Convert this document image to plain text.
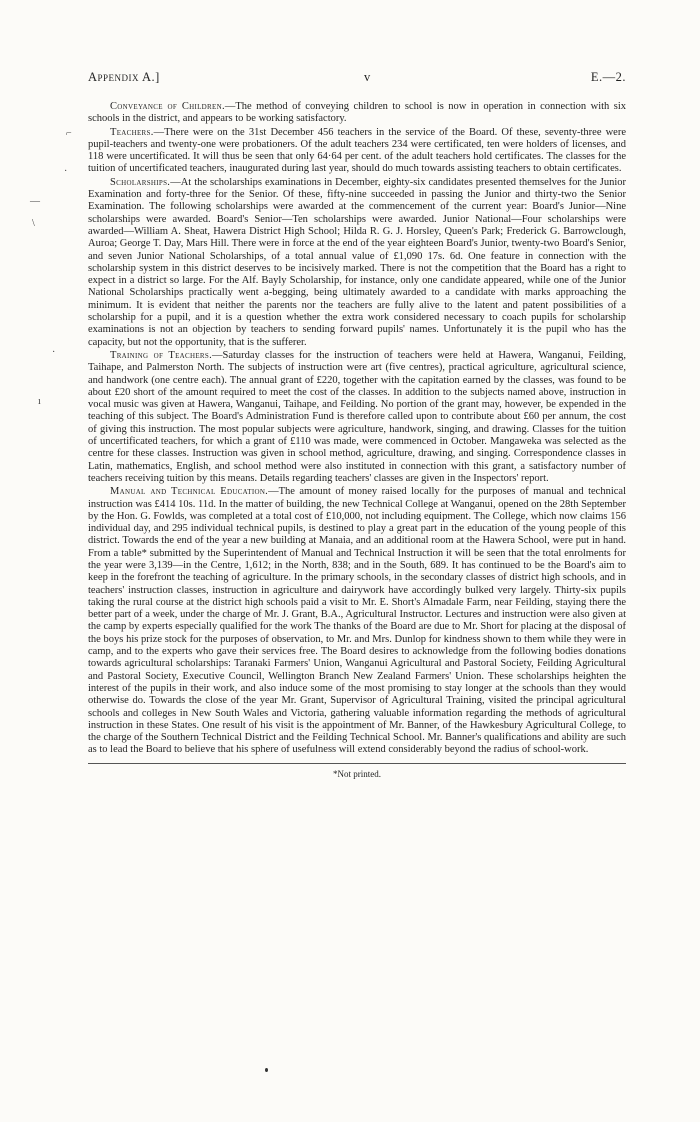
Appendix A.]	v	E.—2.

Conveyance of Children.—The method of conveying children to school is now in operation in connection with six schools in the district, and appears to be working satisfactory.

Teachers.—There were on the 31st December 456 teachers in the service of the Board. Of these, seventy-three were pupil-teachers and twenty-one were probationers. Of the adult teachers 234 were certificated, ten were holders of licenses, and 118 were uncertificated. It will thus be seen that only 64·64 per cent. of the adult teachers hold certificates. The classes for the tuition of uncertificated teachers, inaugurated during last year, should do much towards assisting teachers to obtain certificates.

Scholarships.—At the scholarships examinations in December, eighty-six candidates presented themselves for the Junior Examination and forty-three for the Senior. Of these, fifty-nine succeeded in passing the Junior and thirty-two the Senior Examination. The following scholarships were awarded at the commencement of the current year: Board's Junior—Nine scholarships were awarded. Board's Senior—Ten scholarships were awarded. Junior National—Four scholarships were awarded—William A. Sheat, Hawera District High School; Hilda R. G. J. Horsley, Queen's Park; Frederick G. Barrowclough, Auroa; George T. Day, Mars Hill. There were in force at the end of the year eighteen Board's Junior, twenty-two Board's Senior, and seven Junior National Scholarships, of a total annual value of £1,090 17s. 6d. One feature in connection with the scholarship system in this district deserves to be incisively marked. There is not the competition that the Board has a right to expect in a district so large. For the Alf. Bayly Scholarship, for instance, only one candidate appeared, while one of the Junior National Scholarships practically went a-begging, being ultimately awarded to a candidate with marks approaching the minimum. It is evident that neither the parents nor the teachers are fully alive to the latent and patent possibilities of a scholarship for a pupil, and it is a question whether the extra work considered necessary to coach pupils for scholarship examinations is not an objection by teachers to sending forward pupils' names. Unfortunately it is the pupil who has the capacity, but not the opportunity, that is the sufferer.

Training of Teachers.—Saturday classes for the instruction of teachers were held at Hawera, Wanganui, Feilding, Taihape, and Palmerston North. The subjects of instruction were art (five centres), practical agriculture, agricultural science, and handwork (one centre each). The annual grant of £220, together with the capitation earned by the classes, was found to be about £20 short of the amount required to meet the cost of the classes. In addition to the subjects named above, instruction in vocal music was given at Hawera, Wanganui, Taihape, and Feilding. No portion of the grant may, however, be expended in the teaching of this subject. The Board's Administration Fund is therefore called upon to contribute about £60 per annum, the cost of giving this instruction. The most popular subjects were agriculture, handwork, singing, and drawing. Classes for the tuition of uncertificated teachers, for which a grant of £110 was made, were commenced in October. Mangaweka was selected as the centre for these classes. Instruction was given in school method, agriculture, drawing, and singing. Correspondence classes in Latin, mathematics, English, and school method were also instituted in connection with this grant, a satisfactory number of teachers receiving tuition by this means. Details regarding teachers' classes are given in the Inspectors' report.

Manual and Technical Education.—The amount of money raised locally for the purposes of manual and technical instruction was £414 10s. 11d. In the matter of building, the new Technical College at Wanganui, opened on the 28th September by the Hon. G. Fowlds, was completed at a total cost of £10,000, not including equipment. The College, which now claims 156 individual day, and 295 individual technical pupils, is destined to play a great part in the education of the young people of this district. Towards the end of the year a new building at Manaia, and an additional room at the Hawera School, were put in hand. From a table* submitted by the Superintendent of Manual and Technical Instruction it will be seen that the total enrolments for the year were 3,139—in the Centre, 1,612; in the North, 838; and in the South, 689. It has continued to be the Board's aim to keep in the forefront the teaching of agriculture. In the primary schools, in the secondary classes of district high schools, and in teachers' instruction classes, instruction in agriculture and dairywork have accordingly bulked very largely. Thirty-six pupils taking the rural course at the district high schools paid a visit to Mr. E. Short's Almadale Farm, near Feilding, staying there the better part of a week, under the charge of Mr. J. Grant, B.A., Agricultural Instructor. Lectures and instruction were also given at the camp by experts especially qualified for the work The thanks of the Board are due to Mr. Short for placing at the disposal of the boys his prize stock for the purposes of observation, to Mr. and Mrs. Dunlop for kindness shown to them while they were in camp, and to the experts who gave their services free. The Board desires to acknowledge from the following bodies donations towards agricultural scholarships: Taranaki Farmers' Union, Wanganui Agricultural and Pastoral Society, Feilding Agricultural and Pastoral Society, Executive Council, Wellington Branch New Zealand Farmers' Union. These scholarships heighten the interest of the pupils in their work, and also induce some of the most promising to stay longer at the schools than they would otherwise do. Towards the close of the year Mr. Grant, Supervisor of Agricultural Training, visited the principal agricultural schools and colleges in New South Wales and Victoria, gathering valuable information regarding the methods of agricultural instruction in these States. One result of his visit is the appointment of Mr. Banner, of the Hawkesbury Agricultural College, to the charge of the Southern Technical District and the Feilding Technical School. Mr. Banner's qualifications and ability are such as to lead the Board to believe that his sphere of usefulness will extend considerably beyond the radius of school-work.

*Not printed.
⌐
·
—
\
·
ı
